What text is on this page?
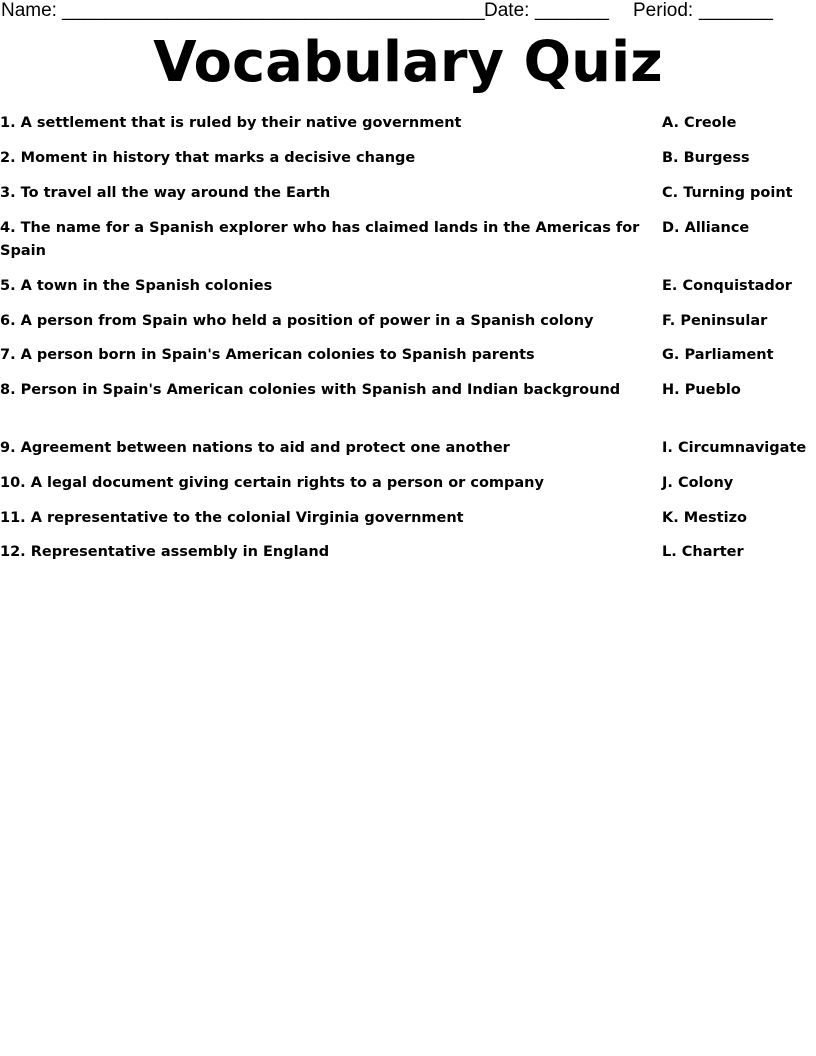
Name: ________________________________________ Date: _______ Period: _______
Vocabulary Quiz
1. A settlement that is ruled by their native government
2. Moment in history that marks a decisive change
3. To travel all the way around the Earth
4. The name for a Spanish explorer who has claimed lands in the Americas for Spain
5. A town in the Spanish colonies
6. A person from Spain who held a position of power in a Spanish colony
7. A person born in Spain's American colonies to Spanish parents
8. Person in Spain's American colonies with Spanish and Indian background
9. Agreement between nations to aid and protect one another
10. A legal document giving certain rights to a person or company
11. A representative to the colonial Virginia government
12. Representative assembly in England
A. Creole
B. Burgess
C. Turning point
D. Alliance
E. Conquistador
F. Peninsular
G. Parliament
H. Pueblo
I. Circumnavigate
J. Colony
K. Mestizo
L. Charter
